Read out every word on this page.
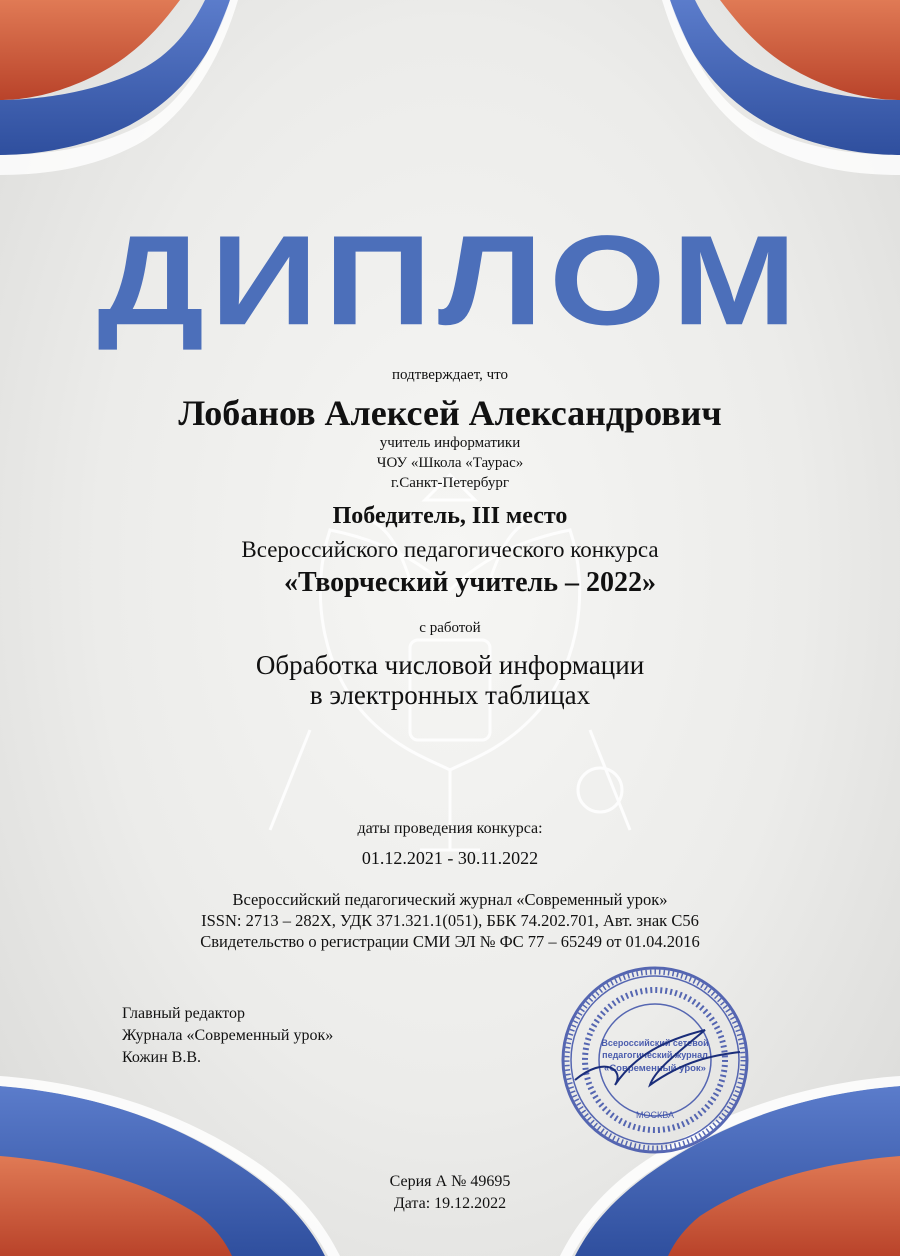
ДИПЛОМ
подтверждает, что
Лобанов Алексей Александрович
учитель информатики
ЧОУ «Школа «Таурас»
г.Санкт-Петербург
Победитель, III место
Всероссийского педагогического конкурса
«Творческий учитель – 2022»
с работой
Обработка числовой информации
в электронных таблицах
даты проведения конкурса:
01.12.2021 - 30.11.2022
Всероссийский педагогический журнал «Современный урок»
ISSN: 2713 – 282X, УДК 371.321.1(051), ББК 74.202.701, Авт. знак С56
Свидетельство о регистрации СМИ ЭЛ № ФС 77 – 65249 от 01.04.2016
Главный редактор
Журнала «Современный урок»
Кожин В.В.
Всероссийский сетевой
педагогический журнал
«Современный урок»
МОСКВА
Серия А № 49695
Дата: 19.12.2022
